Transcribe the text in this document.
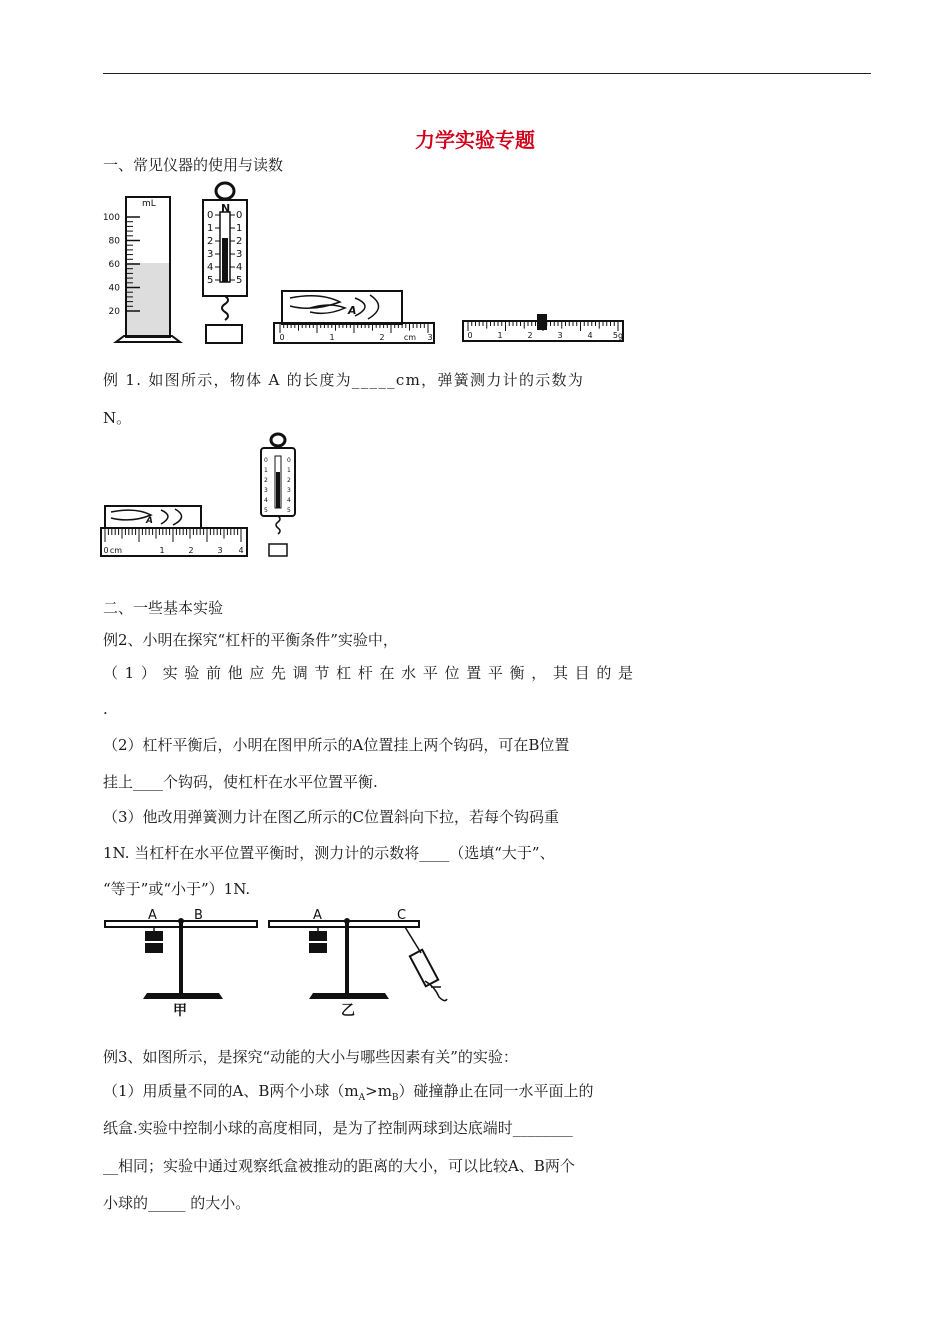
力学实验专题
一、常见仪器的使用与读数
100
80
60
40
20
mL	N
0 0
1 1
2 2
3 3
4 4
5 5
A
0	1	2 cm 3	0	1	2	3	4	5g
例 1. 如图所示，物体 A 的长度为_____cm，弹簧测力计的示数为
N。
A
0 cm	1	2	3 4
0	0
1	1
2	2
3	3
4	4
5	5
二、一些基本实验
例2、小明在探究“杠杆的平衡条件”实验中，
（1）实验前他应先调节杠杆在水平位置平衡，其目的是
.
（2）杠杆平衡后，小明在图甲所示的A位置挂上两个钩码，可在B位置
挂上____个钩码，使杠杆在水平位置平衡.
（3）他改用弹簧测力计在图乙所示的C位置斜向下拉，若每个钩码重
1N. 当杠杆在水平位置平衡时，测力计的示数将____（选填“大于”、
“等于”或“小于”）1N.
A	B
甲
A	C
乙
例3、如图所示，是探究“动能的大小与哪些因素有关”的实验：
（1）用质量不同的A、B两个小球$(m_A>m_B)$碰撞静止在同一水平面上的
纸盒.实验中控制小球的高度相同，是为了控制两球到达底端时________
__相同；实验中通过观察纸盒被推动的距离的大小，可以比较A、B两个
小球的_____ 的大小。
